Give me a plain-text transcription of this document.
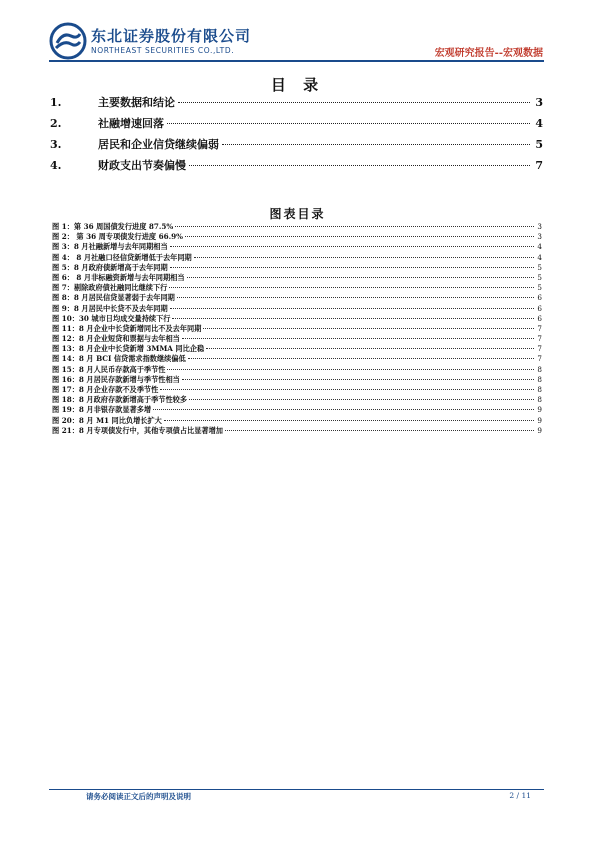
东北证券股份有限公司
NORTHEAST SECURITIES CO.,LTD.	宏观研究报告--宏观数据
目 录
1.	主要数据和结论	3
2.	社融增速回落	4
3.	居民和企业信贷继续偏弱	5
4.	财政支出节奏偏慢	7
图表目录
图 1：第 36 周国债发行进度 87.5%	3
图 2： 第 36 周专项债发行进度 66.9%	3
图 3：8 月社融新增与去年同期相当	4
图 4： 8 月社融口径信贷新增低于去年同期	4
图 5：8 月政府债新增高于去年同期	5
图 6： 8 月非标融资新增与去年同期相当	5
图 7：剔除政府债社融同比继续下行	5
图 8：8 月居民信贷显著弱于去年同期	6
图 9：8 月居民中长贷不及去年同期	6
图 10：30 城市日均成交量持续下行	6
图 11：8 月企业中长贷新增同比不及去年同期	7
图 12：8 月企业短贷和票据与去年相当	7
图 13：8 月企业中长贷新增 3MMA 同比企稳	7
图 14：8 月 BCI 信贷需求指数继续偏低	7
图 15：8 月人民币存款高于季节性	8
图 16：8 月居民存款新增与季节性相当	8
图 17：8 月企业存款不及季节性	8
图 18：8 月政府存款新增高于季节性较多	8
图 19：8 月非银存款显著多增	9
图 20：8 月 M1 同比负增长扩大	9
图 21：8 月专项债发行中，其他专项债占比显著增加	9
请务必阅读正文后的声明及说明	2 / 11
